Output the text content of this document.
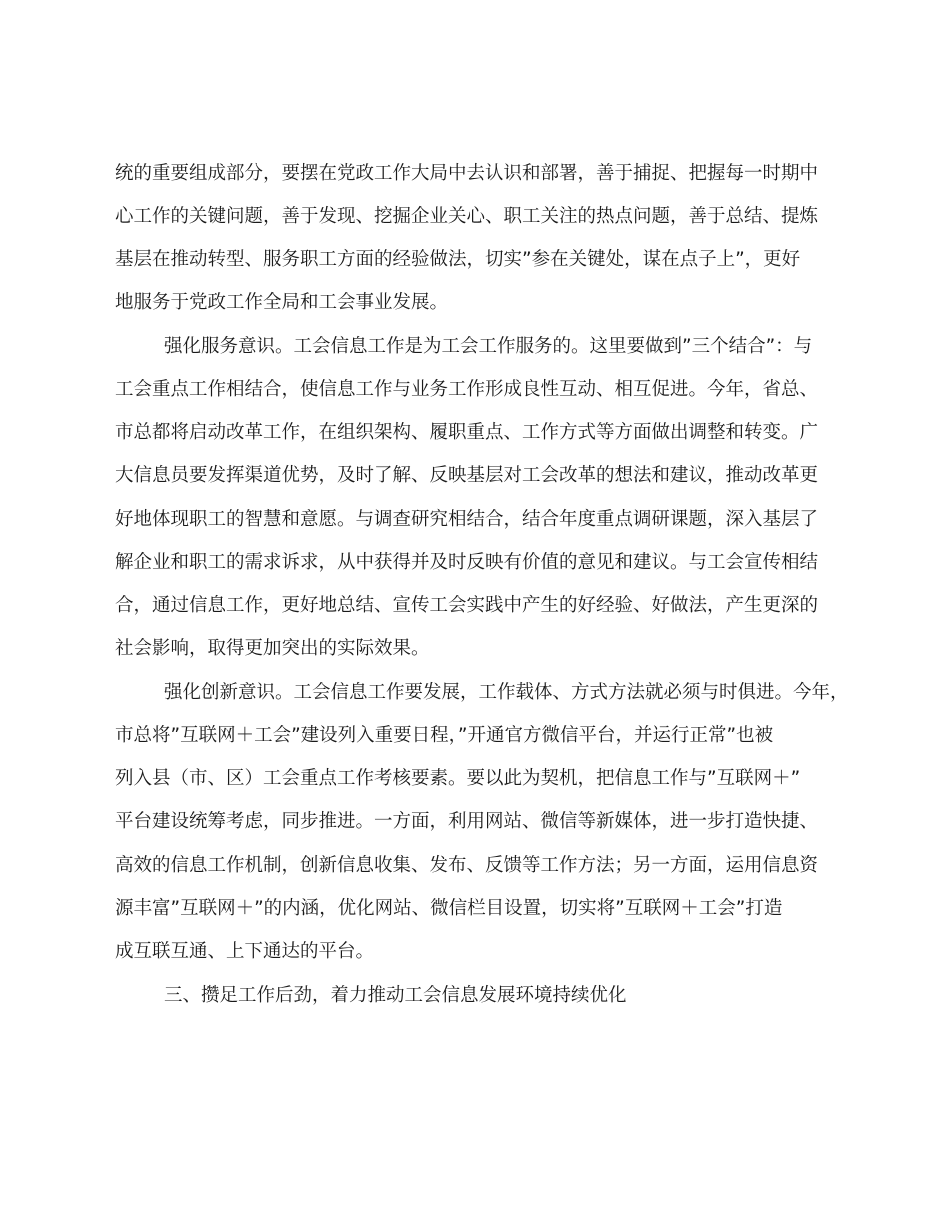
统的重要组成部分，要摆在党政工作大局中去认识和部署，善于捕捉、把握每一时期中
心工作的关键问题，善于发现、挖掘企业关心、职工关注的热点问题，善于总结、提炼
基层在推动转型、服务职工方面的经验做法，切实”参在关键处，谋在点子上”，更好
地服务于党政工作全局和工会事业发展。
强化服务意识。工会信息工作是为工会工作服务的。这里要做到”三个结合”：与
工会重点工作相结合，使信息工作与业务工作形成良性互动、相互促进。今年，省总、
市总都将启动改革工作，在组织架构、履职重点、工作方式等方面做出调整和转变。广
大信息员要发挥渠道优势，及时了解、反映基层对工会改革的想法和建议，推动改革更
好地体现职工的智慧和意愿。与调查研究相结合，结合年度重点调研课题，深入基层了
解企业和职工的需求诉求，从中获得并及时反映有价值的意见和建议。与工会宣传相结
合，通过信息工作，更好地总结、宣传工会实践中产生的好经验、好做法，产生更深的
社会影响，取得更加突出的实际效果。
强化创新意识。工会信息工作要发展，工作载体、方式方法就必须与时俱进。今年，
市总将”互联网＋工会”建设列入重要日程，”开通官方微信平台，并运行正常”也被
列入县（市、区）工会重点工作考核要素。要以此为契机，把信息工作与”互联网＋”
平台建设统筹考虑，同步推进。一方面，利用网站、微信等新媒体，进一步打造快捷、
高效的信息工作机制，创新信息收集、发布、反馈等工作方法；另一方面，运用信息资
源丰富”互联网＋”的内涵，优化网站、微信栏目设置，切实将”互联网＋工会”打造
成互联互通、上下通达的平台。
三、攒足工作后劲，着力推动工会信息发展环境持续优化
